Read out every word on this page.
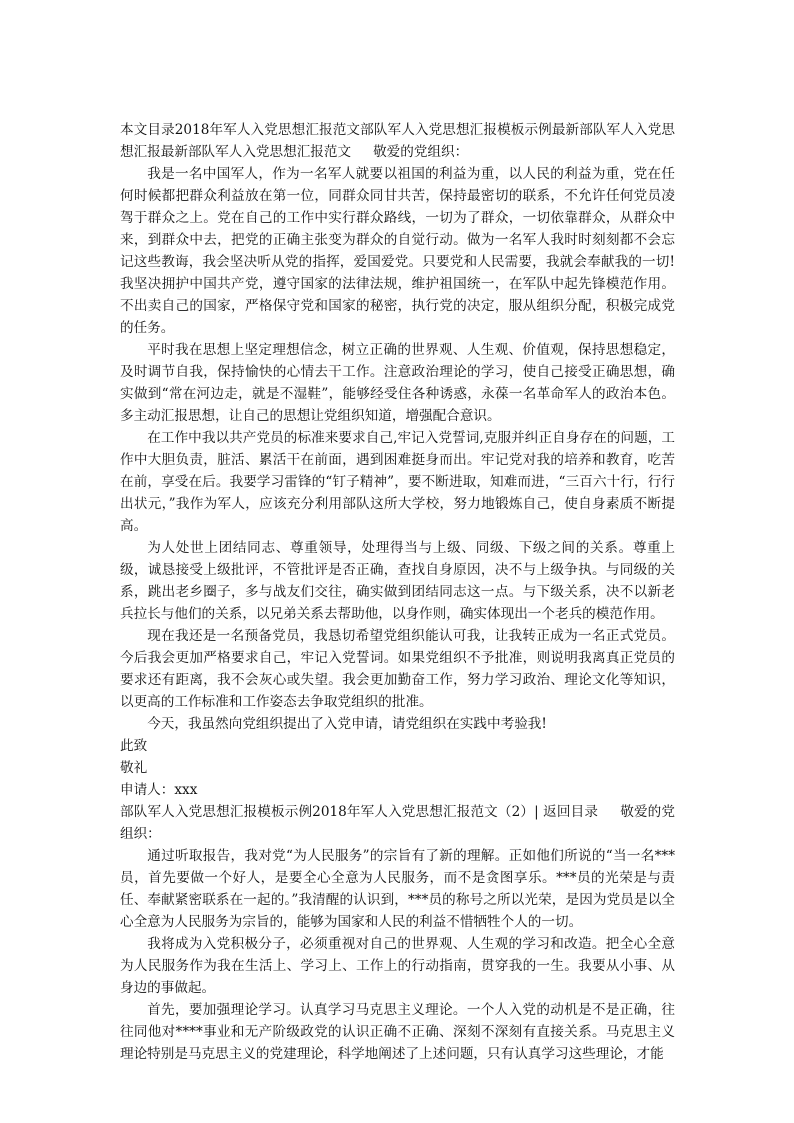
本文目录2018年军人入党思想汇报范文部队军人入党思想汇报模板示例最新部队军人入党思想汇报最新部队军人入党思想汇报范文 敬爱的党组织：

我是一名中国军人，作为一名军人就要以祖国的利益为重，以人民的利益为重，党在任何时候都把群众利益放在第一位，同群众同甘共苦，保持最密切的联系，不允许任何党员凌驾于群众之上。党在自己的工作中实行群众路线，一切为了群众，一切依靠群众，从群众中来，到群众中去，把党的正确主张变为群众的自觉行动。做为一名军人我时时刻刻都不会忘记这些教诲，我会坚决听从党的指挥，爱国爱党。只要党和人民需要，我就会奉献我的一切!我坚决拥护中国共产党，遵守国家的法律法规，维护祖国统一，在军队中起先锋模范作用。不出卖自己的国家，严格保守党和国家的秘密，执行党的决定，服从组织分配，积极完成党的任务。

平时我在思想上坚定理想信念，树立正确的世界观、人生观、价值观，保持思想稳定，及时调节自我，保持愉快的心情去干工作。注意政治理论的学习，使自己接受正确思想，确实做到“常在河边走，就是不湿鞋”，能够经受住各种诱惑，永葆一名革命军人的政治本色。多主动汇报思想，让自己的思想让党组织知道，增强配合意识。

在工作中我以共产党员的标准来要求自己,牢记入党誓词,克服并纠正自身存在的问题，工作中大胆负责，脏活、累活干在前面，遇到困难挺身而出。牢记党对我的培养和教育，吃苦在前，享受在后。我要学习雷锋的“钉子精神”，要不断进取，知难而进，“三百六十行，行行出状元，”我作为军人，应该充分利用部队这所大学校，努力地锻炼自己，使自身素质不断提高。

为人处世上团结同志、尊重领导，处理得当与上级、同级、下级之间的关系。尊重上级，诚恳接受上级批评，不管批评是否正确，查找自身原因，决不与上级争执。与同级的关系，跳出老乡圈子，多与战友们交往，确实做到团结同志这一点。与下级关系，决不以新老兵拉长与他们的关系，以兄弟关系去帮助他，以身作则，确实体现出一个老兵的模范作用。

现在我还是一名预备党员，我恳切希望党组织能认可我，让我转正成为一名正式党员。今后我会更加严格要求自己，牢记入党誓词。如果党组织不予批准，则说明我离真正党员的要求还有距离，我不会灰心或失望。我会更加勤奋工作，努力学习政治、理论文化等知识，以更高的工作标准和工作姿态去争取党组织的批准。

今天，我虽然向党组织提出了入党申请，请党组织在实践中考验我!

此致

敬礼

申请人：xxx

部队军人入党思想汇报模板示例2018年军人入党思想汇报范文（2）| 返回目录 敬爱的党组织：

通过听取报告，我对党“为人民服务”的宗旨有了新的理解。正如他们所说的“当一名***员，首先要做一个好人，是要全心全意为人民服务，而不是贪图享乐。***员的光荣是与责任、奉献紧密联系在一起的。”我清醒的认识到，***员的称号之所以光荣，是因为党员是以全心全意为人民服务为宗旨的，能够为国家和人民的利益不惜牺牲个人的一切。

我将成为入党积极分子，必须重视对自己的世界观、人生观的学习和改造。把全心全意为人民服务作为我在生活上、学习上、工作上的行动指南，贯穿我的一生。我要从小事、从身边的事做起。

首先，要加强理论学习。认真学习马克思主义理论。一个人入党的动机是不是正确，往往同他对****事业和无产阶级政党的认识正确不正确、深刻不深刻有直接关系。马克思主义理论特别是马克思主义的党建理论，科学地阐述了上述问题，只有认真学习这些理论，才能
